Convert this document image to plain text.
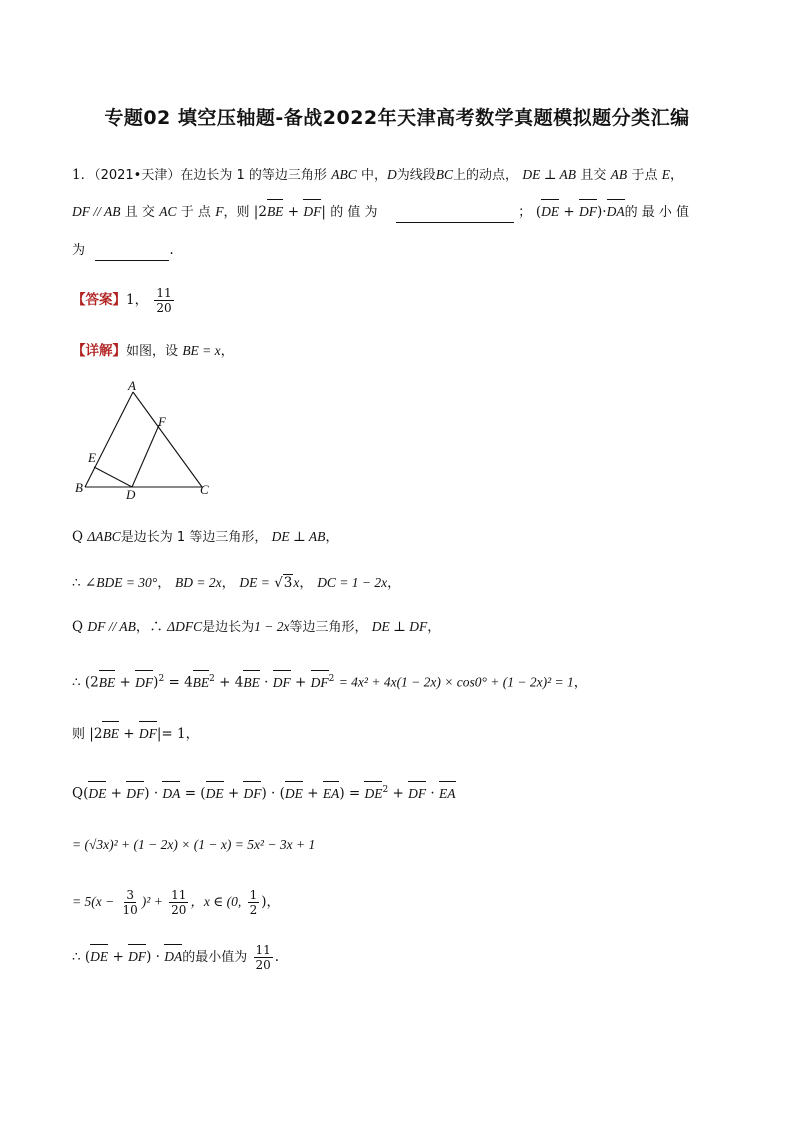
专题02 填空压轴题-备战2022年天津高考数学真题模拟题分类汇编
1．（2021•天津）在边长为 1 的等边三角形 ABC 中，D为线段BC上的动点， DE ⊥ AB 且交 AB 于点 E，
DF // AB 且 交 AC 于 点 F，则 |2BE + DF| 的 值 为	； (DE + DF)·DA的 最 小 值
为	.
【答案】1， $\frac{11}{20}$
【详解】如图，设 BE = x，
A
B	C
D
E
F
Q ΔABC是边长为 1 等边三角形， DE ⊥ AB，
∴ ∠BDE = 30°， BD = 2x， DE = √3x， DC = 1 − 2x，
Q DF // AB，∴ ΔDFC是边长为1 − 2x等边三角形， DE ⊥ DF，
∴ $(2BE + DF)^2 = 4BE^2 + 4BE$ · DF + $DF^2 = 4x^2 + 4x(1 - 2x) \times \cos 0^\circ + (1 - 2x)^2 = 1$，
则 |2BE + DF|= 1，
Q(DE + DF) · DA = $(DE + DF) \cdot (DE + EA) = DE^2$ + DF · EA
= (√3x)² + (1 − 2x) × (1 − x) = 5x² − 3x + 1
= $5(x - \frac{3}{10} )^2 + \frac{11}{20}$ ，x ∈ (0, $\frac{1}{2}$ )，
∴ (DE + DF) · DA的最小值为 $\frac{11}{20}$ .
